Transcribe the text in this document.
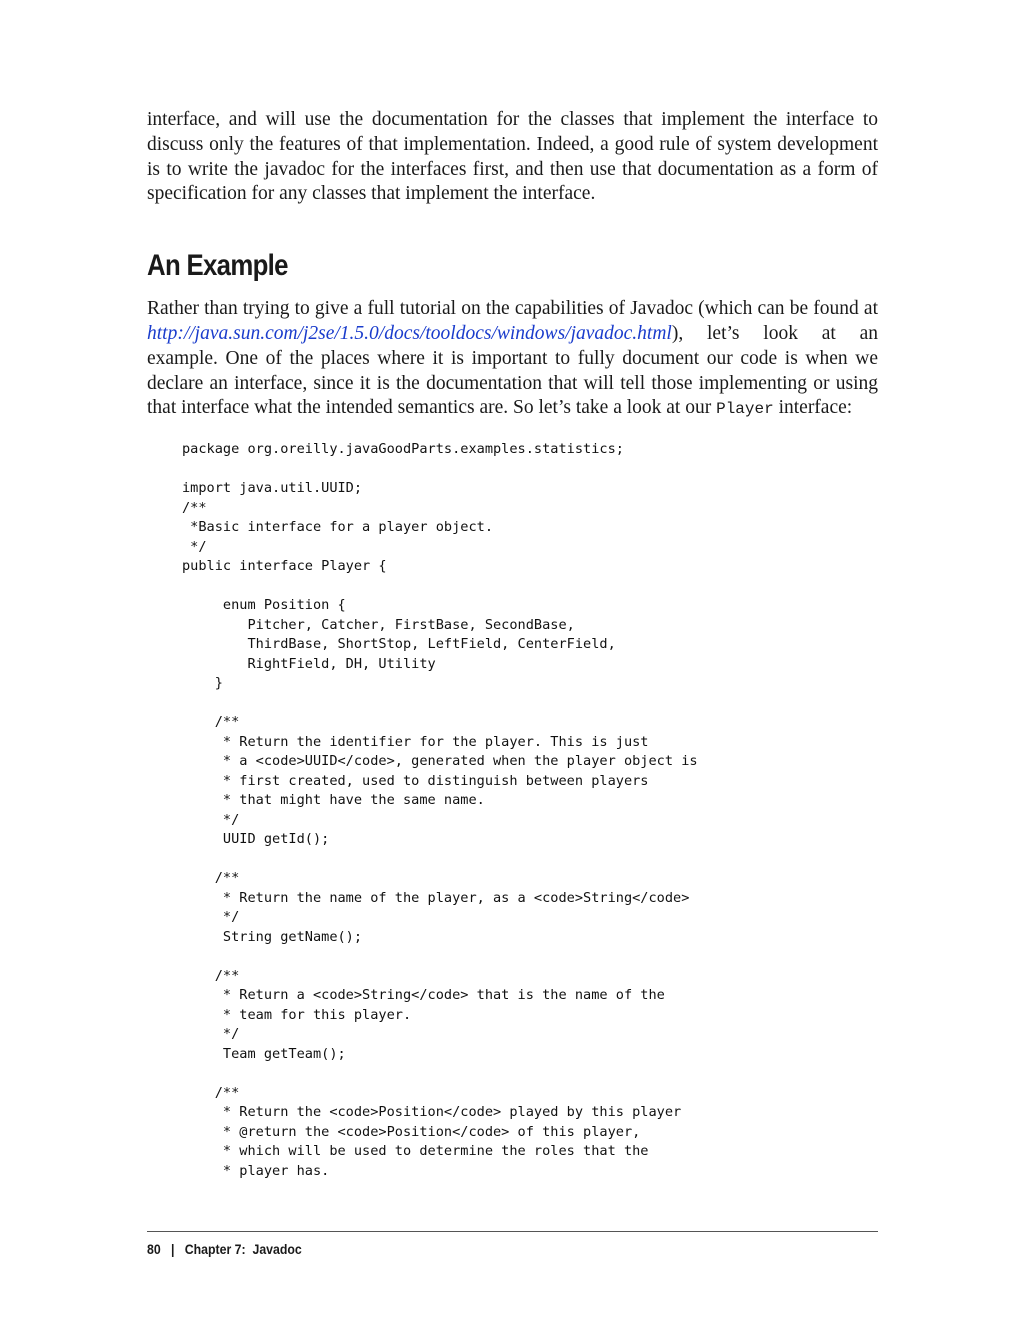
interface, and will use the documentation for the classes that implement the interface to discuss only the features of that implementation. Indeed, a good rule of system development is to write the javadoc for the interfaces first, and then use that documentation as a form of specification for any classes that implement the interface.

An Example

Rather than trying to give a full tutorial on the capabilities of Javadoc (which can be found at http://java.sun.com/j2se/1.5.0/docs/tooldocs/windows/javadoc.html), let’s look at an example. One of the places where it is important to fully document our code is when we declare an interface, since it is the documentation that will tell those implementing or using that interface what the intended semantics are. So let’s take a look at our Player interface:

package org.oreilly.javaGoodParts.examples.statistics;

import java.util.UUID;
/**
*Basic interface for a player object.
*/
public interface Player {

enum Position {
Pitcher, Catcher, FirstBase, SecondBase,
ThirdBase, ShortStop, LeftField, CenterField,
RightField, DH, Utility
}

/**
* Return the identifier for the player. This is just
* a <code>UUID</code>, generated when the player object is
* first created, used to distinguish between players
* that might have the same name.
*/
UUID getId();

/**
* Return the name of the player, as a <code>String</code>
*/
String getName();

/**
* Return a <code>String</code> that is the name of the
* team for this player.
*/
Team getTeam();

/**
* Return the <code>Position</code> played by this player
* @return the <code>Position</code> of this player,
* which will be used to determine the roles that the
* player has.
80 | Chapter 7:  Javadoc
